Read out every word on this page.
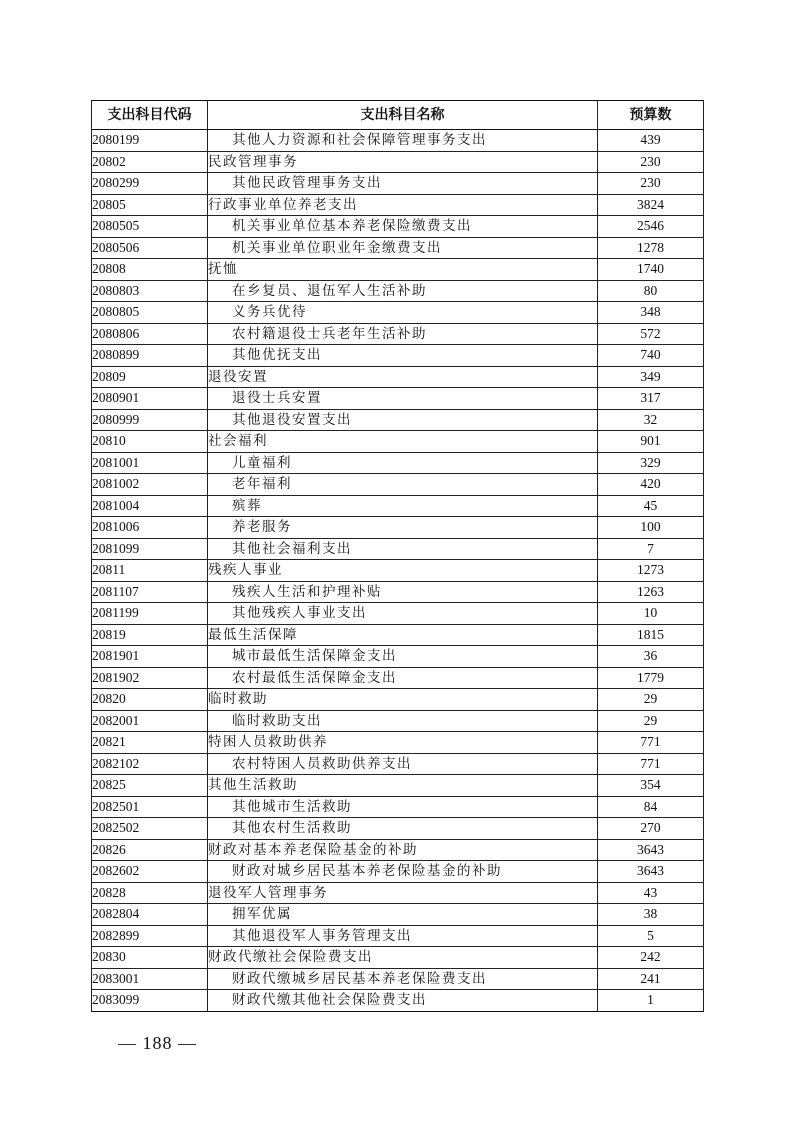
支出科目代码	支出科目名称	预算数
2080199	其他人力资源和社会保障管理事务支出	439
20802	民政管理事务	230
2080299	其他民政管理事务支出	230
20805	行政事业单位养老支出	3824
2080505	机关事业单位基本养老保险缴费支出	2546
2080506	机关事业单位职业年金缴费支出	1278
20808	抚恤	1740
2080803	在乡复员、退伍军人生活补助	80
2080805	义务兵优待	348
2080806	农村籍退役士兵老年生活补助	572
2080899	其他优抚支出	740
20809	退役安置	349
2080901	退役士兵安置	317
2080999	其他退役安置支出	32
20810	社会福利	901
2081001	儿童福利	329
2081002	老年福利	420
2081004	殡葬	45
2081006	养老服务	100
2081099	其他社会福利支出	7
20811	残疾人事业	1273
2081107	残疾人生活和护理补贴	1263
2081199	其他残疾人事业支出	10
20819	最低生活保障	1815
2081901	城市最低生活保障金支出	36
2081902	农村最低生活保障金支出	1779
20820	临时救助	29
2082001	临时救助支出	29
20821	特困人员救助供养	771
2082102	农村特困人员救助供养支出	771
20825	其他生活救助	354
2082501	其他城市生活救助	84
2082502	其他农村生活救助	270
20826	财政对基本养老保险基金的补助	3643
2082602	财政对城乡居民基本养老保险基金的补助	3643
20828	退役军人管理事务	43
2082804	拥军优属	38
2082899	其他退役军人事务管理支出	5
20830	财政代缴社会保险费支出	242
2083001	财政代缴城乡居民基本养老保险费支出	241
2083099	财政代缴其他社会保险费支出	1
— 188 —
